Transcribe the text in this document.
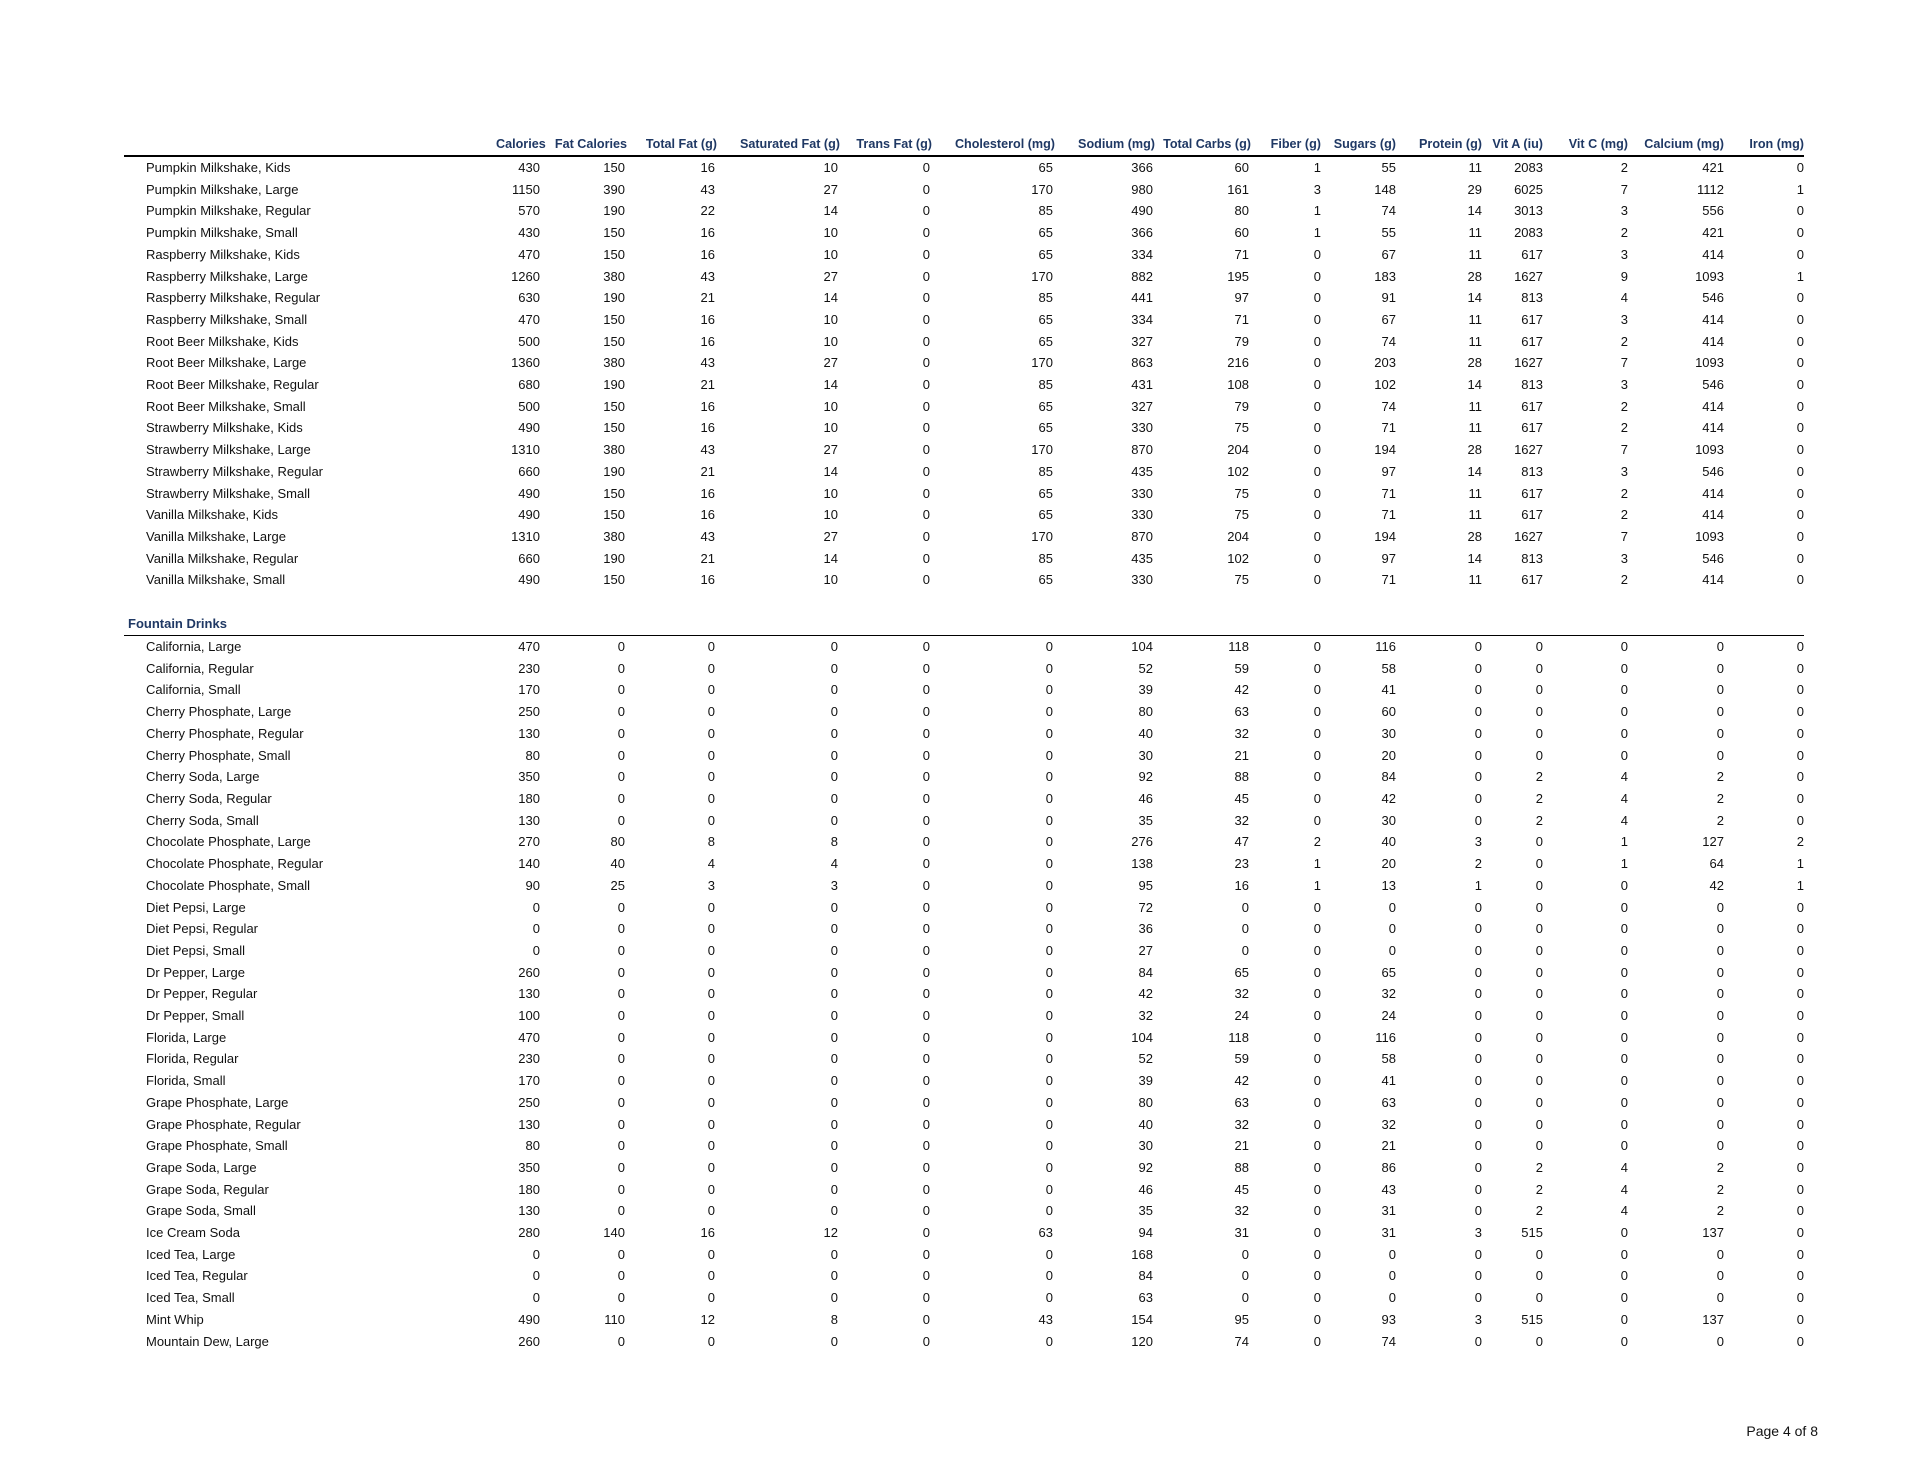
	Calories	Fat Calories	Total Fat (g)	Saturated Fat (g)	Trans Fat (g)	Cholesterol (mg)	Sodium (mg)	Total Carbs (g)	Fiber (g)	Sugars (g)	Protein (g)	Vit A (iu)	Vit C (mg)	Calcium (mg)	Iron (mg)
Pumpkin Milkshake, Kids	430	150	16	10	0	65	366	60	1	55	11	2083	2	421	0
Pumpkin Milkshake, Large	1150	390	43	27	0	170	980	161	3	148	29	6025	7	1112	1
Pumpkin Milkshake, Regular	570	190	22	14	0	85	490	80	1	74	14	3013	3	556	0
Pumpkin Milkshake, Small	430	150	16	10	0	65	366	60	1	55	11	2083	2	421	0
Raspberry Milkshake, Kids	470	150	16	10	0	65	334	71	0	67	11	617	3	414	0
Raspberry Milkshake, Large	1260	380	43	27	0	170	882	195	0	183	28	1627	9	1093	1
Raspberry Milkshake, Regular	630	190	21	14	0	85	441	97	0	91	14	813	4	546	0
Raspberry Milkshake, Small	470	150	16	10	0	65	334	71	0	67	11	617	3	414	0
Root Beer Milkshake, Kids	500	150	16	10	0	65	327	79	0	74	11	617	2	414	0
Root Beer Milkshake, Large	1360	380	43	27	0	170	863	216	0	203	28	1627	7	1093	0
Root Beer Milkshake, Regular	680	190	21	14	0	85	431	108	0	102	14	813	3	546	0
Root Beer Milkshake, Small	500	150	16	10	0	65	327	79	0	74	11	617	2	414	0
Strawberry Milkshake, Kids	490	150	16	10	0	65	330	75	0	71	11	617	2	414	0
Strawberry Milkshake, Large	1310	380	43	27	0	170	870	204	0	194	28	1627	7	1093	0
Strawberry Milkshake, Regular	660	190	21	14	0	85	435	102	0	97	14	813	3	546	0
Strawberry Milkshake, Small	490	150	16	10	0	65	330	75	0	71	11	617	2	414	0
Vanilla Milkshake, Kids	490	150	16	10	0	65	330	75	0	71	11	617	2	414	0
Vanilla Milkshake, Large	1310	380	43	27	0	170	870	204	0	194	28	1627	7	1093	0
Vanilla Milkshake, Regular	660	190	21	14	0	85	435	102	0	97	14	813	3	546	0
Vanilla Milkshake, Small	490	150	16	10	0	65	330	75	0	71	11	617	2	414	0

Fountain Drinks															
California, Large	470	0	0	0	0	0	104	118	0	116	0	0	0	0	0
California, Regular	230	0	0	0	0	0	52	59	0	58	0	0	0	0	0
California, Small	170	0	0	0	0	0	39	42	0	41	0	0	0	0	0
Cherry Phosphate, Large	250	0	0	0	0	0	80	63	0	60	0	0	0	0	0
Cherry Phosphate, Regular	130	0	0	0	0	0	40	32	0	30	0	0	0	0	0
Cherry Phosphate, Small	80	0	0	0	0	0	30	21	0	20	0	0	0	0	0
Cherry Soda, Large	350	0	0	0	0	0	92	88	0	84	0	2	4	2	0
Cherry Soda, Regular	180	0	0	0	0	0	46	45	0	42	0	2	4	2	0
Cherry Soda, Small	130	0	0	0	0	0	35	32	0	30	0	2	4	2	0
Chocolate Phosphate, Large	270	80	8	8	0	0	276	47	2	40	3	0	1	127	2
Chocolate Phosphate, Regular	140	40	4	4	0	0	138	23	1	20	2	0	1	64	1
Chocolate Phosphate, Small	90	25	3	3	0	0	95	16	1	13	1	0	0	42	1
Diet Pepsi, Large	0	0	0	0	0	0	72	0	0	0	0	0	0	0	0
Diet Pepsi, Regular	0	0	0	0	0	0	36	0	0	0	0	0	0	0	0
Diet Pepsi, Small	0	0	0	0	0	0	27	0	0	0	0	0	0	0	0
Dr Pepper, Large	260	0	0	0	0	0	84	65	0	65	0	0	0	0	0
Dr Pepper, Regular	130	0	0	0	0	0	42	32	0	32	0	0	0	0	0
Dr Pepper, Small	100	0	0	0	0	0	32	24	0	24	0	0	0	0	0
Florida, Large	470	0	0	0	0	0	104	118	0	116	0	0	0	0	0
Florida, Regular	230	0	0	0	0	0	52	59	0	58	0	0	0	0	0
Florida, Small	170	0	0	0	0	0	39	42	0	41	0	0	0	0	0
Grape Phosphate, Large	250	0	0	0	0	0	80	63	0	63	0	0	0	0	0
Grape Phosphate, Regular	130	0	0	0	0	0	40	32	0	32	0	0	0	0	0
Grape Phosphate, Small	80	0	0	0	0	0	30	21	0	21	0	0	0	0	0
Grape Soda, Large	350	0	0	0	0	0	92	88	0	86	0	2	4	2	0
Grape Soda, Regular	180	0	0	0	0	0	46	45	0	43	0	2	4	2	0
Grape Soda, Small	130	0	0	0	0	0	35	32	0	31	0	2	4	2	0
Ice Cream Soda	280	140	16	12	0	63	94	31	0	31	3	515	0	137	0
Iced Tea, Large	0	0	0	0	0	0	168	0	0	0	0	0	0	0	0
Iced Tea, Regular	0	0	0	0	0	0	84	0	0	0	0	0	0	0	0
Iced Tea, Small	0	0	0	0	0	0	63	0	0	0	0	0	0	0	0
Mint Whip	490	110	12	8	0	43	154	95	0	93	3	515	0	137	0
Mountain Dew, Large	260	0	0	0	0	0	120	74	0	74	0	0	0	0	0
Page 4 of 8
